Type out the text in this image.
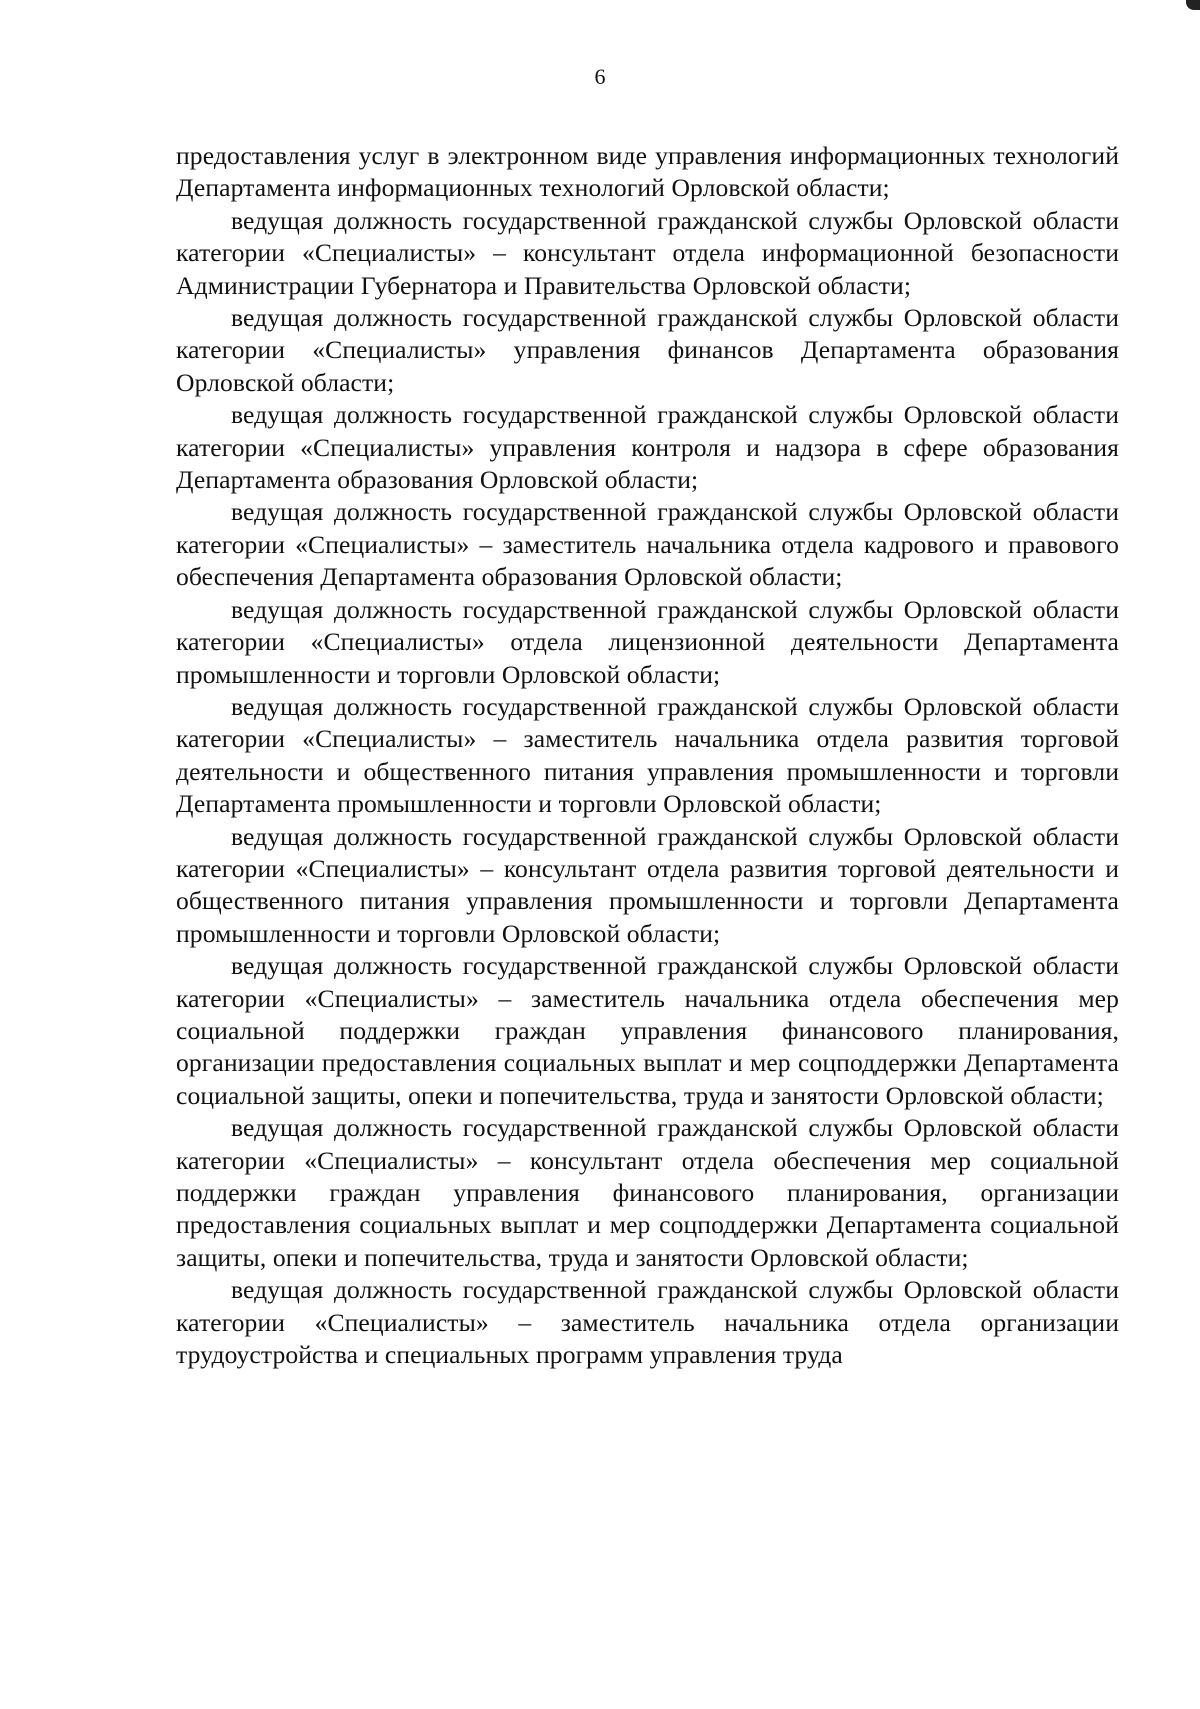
6

предоставления услуг в электронном виде управления информационных технологий Департамента информационных технологий Орловской области;

ведущая должность государственной гражданской службы Орловской области категории «Специалисты» – консультант отдела информационной безопасности Администрации Губернатора и Правительства Орловской области;

ведущая должность государственной гражданской службы Орловской области категории «Специалисты» управления финансов Департамента образования Орловской области;

ведущая должность государственной гражданской службы Орловской области категории «Специалисты» управления контроля и надзора в сфере образования Департамента образования Орловской области;

ведущая должность государственной гражданской службы Орловской области категории «Специалисты» – заместитель начальника отдела кадрового и правового обеспечения Департамента образования Орловской области;

ведущая должность государственной гражданской службы Орловской области категории «Специалисты» отдела лицензионной деятельности Департамента промышленности и торговли Орловской области;

ведущая должность государственной гражданской службы Орловской области категории «Специалисты» – заместитель начальника отдела развития торговой деятельности и общественного питания управления промышленности и торговли Департамента промышленности и торговли Орловской области;

ведущая должность государственной гражданской службы Орловской области категории «Специалисты» – консультант отдела развития торговой деятельности и общественного питания управления промышленности и торговли Департамента промышленности и торговли Орловской области;

ведущая должность государственной гражданской службы Орловской области категории «Специалисты» – заместитель начальника отдела обеспечения мер социальной поддержки граждан управления финансового планирования, организации предоставления социальных выплат и мер соцподдержки Департамента социальной защиты, опеки и попечительства, труда и занятости Орловской области;

ведущая должность государственной гражданской службы Орловской области категории «Специалисты» – консультант отдела обеспечения мер социальной поддержки граждан управления финансового планирования, организации предоставления социальных выплат и мер соцподдержки Департамента социальной защиты, опеки и попечительства, труда и занятости Орловской области;

ведущая должность государственной гражданской службы Орловской области категории «Специалисты» – заместитель начальника отдела организации трудоустройства и специальных программ управления труда
